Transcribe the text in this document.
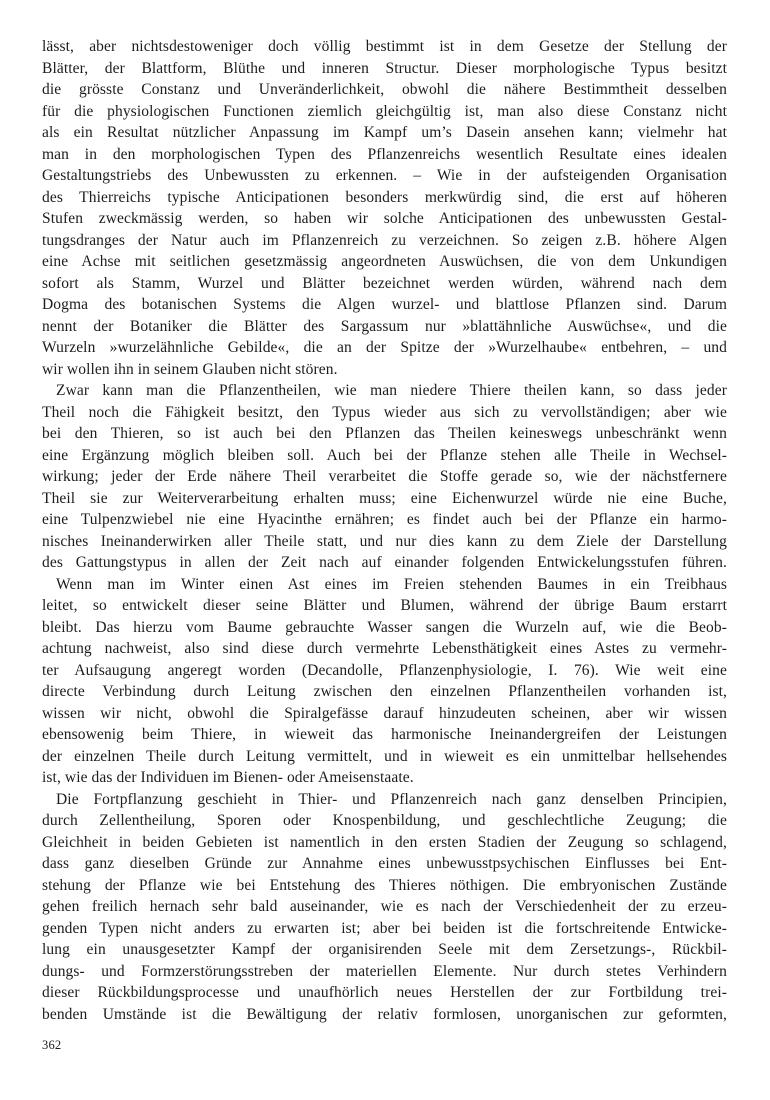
lässt, aber nichtsdestoweniger doch völlig bestimmt ist in dem Gesetze der Stellung der
Blätter, der Blattform, Blüthe und inneren Structur. Dieser morphologische Typus besitzt
die grösste Constanz und Unveränderlichkeit, obwohl die nähere Bestimmtheit desselben
für die physiologischen Functionen ziemlich gleichgültig ist, man also diese Constanz nicht
als ein Resultat nützlicher Anpassung im Kampf um’s Dasein ansehen kann; vielmehr hat
man in den morphologischen Typen des Pflanzenreichs wesentlich Resultate eines idealen
Gestaltungstriebs des Unbewussten zu erkennen. – Wie in der aufsteigenden Organisation
des Thierreichs typische Anticipationen besonders merkwürdig sind, die erst auf höheren
Stufen zweckmässig werden, so haben wir solche Anticipationen des unbewussten Gestal-
tungsdranges der Natur auch im Pflanzenreich zu verzeichnen. So zeigen z.B. höhere Algen
eine Achse mit seitlichen gesetzmässig angeordneten Auswüchsen, die von dem Unkundigen
sofort als Stamm, Wurzel und Blätter bezeichnet werden würden, während nach dem
Dogma des botanischen Systems die Algen wurzel- und blattlose Pflanzen sind. Darum
nennt der Botaniker die Blätter des Sargassum nur »blattähnliche Auswüchse«, und die
Wurzeln »wurzelähnliche Gebilde«, die an der Spitze der »Wurzelhaube« entbehren, – und
wir wollen ihn in seinem Glauben nicht stören.
Zwar kann man die Pflanzentheilen, wie man niedere Thiere theilen kann, so dass jeder
Theil noch die Fähigkeit besitzt, den Typus wieder aus sich zu vervollständigen; aber wie
bei den Thieren, so ist auch bei den Pflanzen das Theilen keineswegs unbeschränkt wenn
eine Ergänzung möglich bleiben soll. Auch bei der Pflanze stehen alle Theile in Wechsel-
wirkung; jeder der Erde nähere Theil verarbeitet die Stoffe gerade so, wie der nächstfernere
Theil sie zur Weiterverarbeitung erhalten muss; eine Eichenwurzel würde nie eine Buche,
eine Tulpenzwiebel nie eine Hyacinthe ernähren; es findet auch bei der Pflanze ein harmo-
nisches Ineinanderwirken aller Theile statt, und nur dies kann zu dem Ziele der Darstellung
des Gattungstypus in allen der Zeit nach auf einander folgenden Entwickelungsstufen führen.
Wenn man im Winter einen Ast eines im Freien stehenden Baumes in ein Treibhaus
leitet, so entwickelt dieser seine Blätter und Blumen, während der übrige Baum erstarrt
bleibt. Das hierzu vom Baume gebrauchte Wasser sangen die Wurzeln auf, wie die Beob-
achtung nachweist, also sind diese durch vermehrte Lebensthätigkeit eines Astes zu vermehr-
ter Aufsaugung angeregt worden (Decandolle, Pflanzenphysiologie, I. 76). Wie weit eine
directe Verbindung durch Leitung zwischen den einzelnen Pflanzentheilen vorhanden ist,
wissen wir nicht, obwohl die Spiralgefässe darauf hinzudeuten scheinen, aber wir wissen
ebensowenig beim Thiere, in wieweit das harmonische Ineinandergreifen der Leistungen
der einzelnen Theile durch Leitung vermittelt, und in wieweit es ein unmittelbar hellsehendes
ist, wie das der Individuen im Bienen- oder Ameisenstaate.
Die Fortpflanzung geschieht in Thier- und Pflanzenreich nach ganz denselben Principien,
durch Zellentheilung, Sporen oder Knospenbildung, und geschlechtliche Zeugung; die
Gleichheit in beiden Gebieten ist namentlich in den ersten Stadien der Zeugung so schlagend,
dass ganz dieselben Gründe zur Annahme eines unbewusstpsychischen Einflusses bei Ent-
stehung der Pflanze wie bei Entstehung des Thieres nöthigen. Die embryonischen Zustände
gehen freilich hernach sehr bald auseinander, wie es nach der Verschiedenheit der zu erzeu-
genden Typen nicht anders zu erwarten ist; aber bei beiden ist die fortschreitende Entwicke-
lung ein unausgesetzter Kampf der organisirenden Seele mit dem Zersetzungs-, Rückbil-
dungs- und Formzerstörungsstreben der materiellen Elemente. Nur durch stetes Verhindern
dieser Rückbildungsprocesse und unaufhörlich neues Herstellen der zur Fortbildung trei-
benden Umstände ist die Bewältigung der relativ formlosen, unorganischen zur geformten,
362
